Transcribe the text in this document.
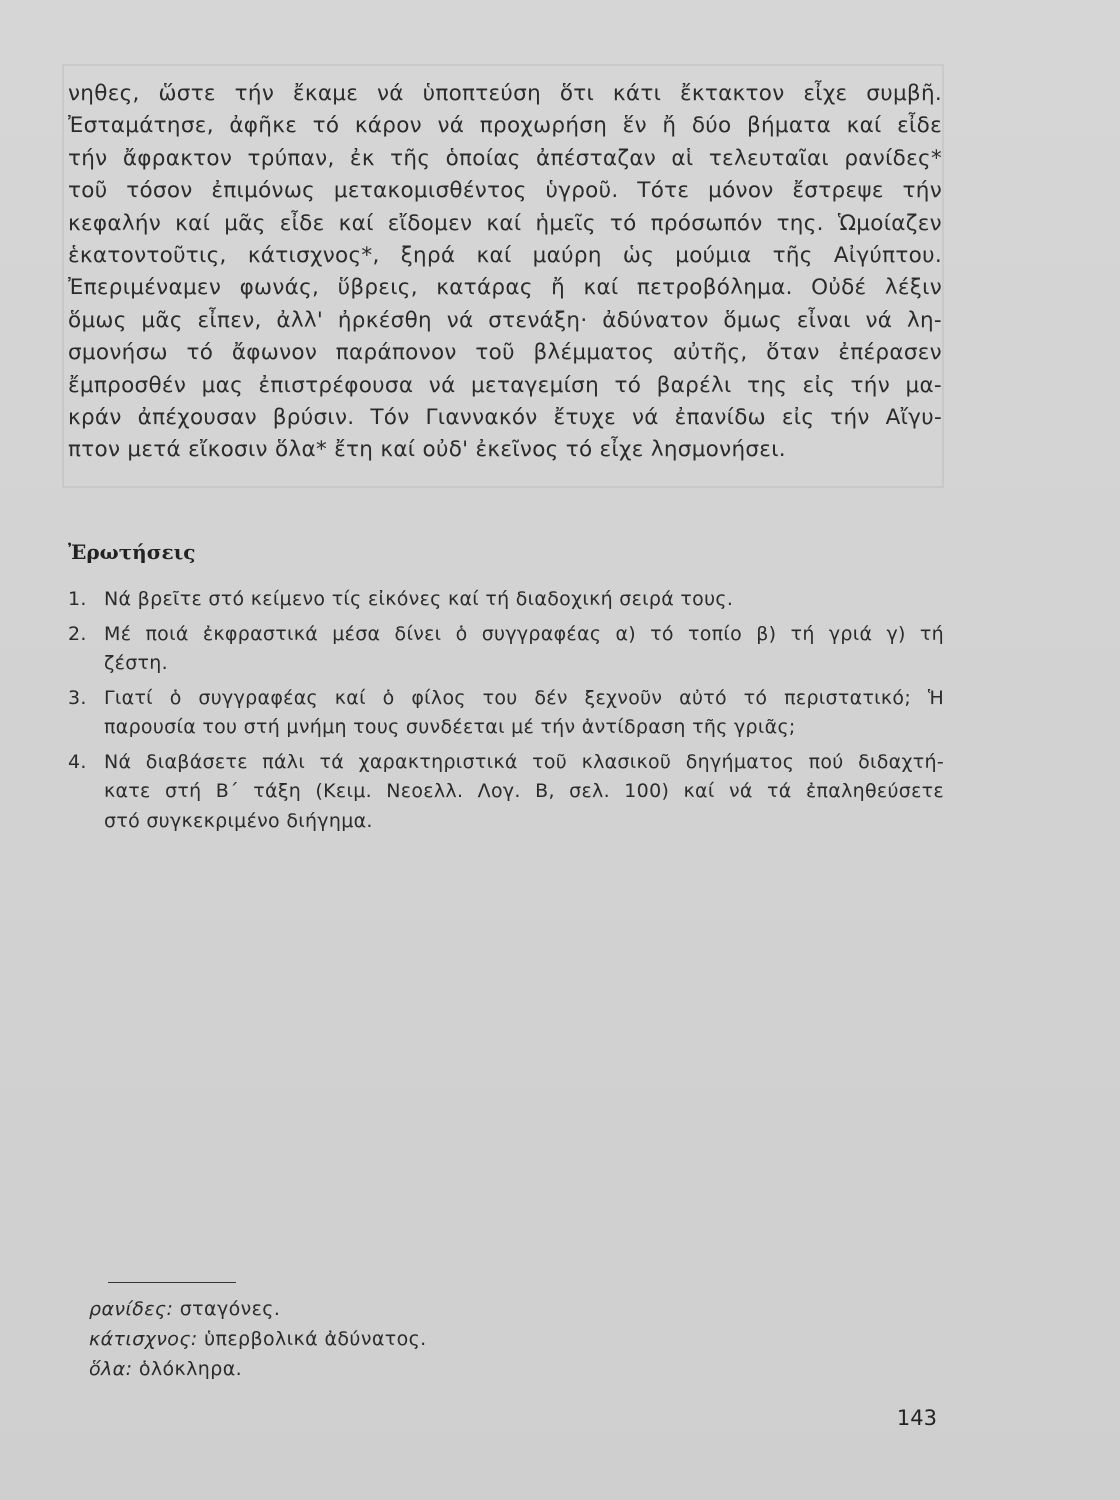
νηθες, ὥστε τήν ἔκαμε νά ὑποπτεύση ὅτι κάτι ἔκτακτον εἶχε συμβῆ.
Ἐσταμάτησε, ἀφῆκε τό κάρον νά προχωρήση ἕν ἤ δύο βήματα καί εἶδε
τήν ἄφρακτον τρύπαν, ἐκ τῆς ὁποίας ἀπέσταζαν αἱ τελευταῖαι ρανίδες*
τοῦ τόσον ἐπιμόνως μετακομισθέντος ὑγροῦ. Τότε μόνον ἔστρεψε τήν
κεφαλήν καί μᾶς εἶδε καί εἴδομεν καί ἡμεῖς τό πρόσωπόν της. Ὡμοίαζεν
ἑκατοντοῦτις, κάτισχνος*, ξηρά καί μαύρη ὡς μούμια τῆς Αἰγύπτου.
Ἐπεριμέναμεν φωνάς, ὕβρεις, κατάρας ἤ καί πετροβόλημα. Οὐδέ λέξιν
ὅμως μᾶς εἶπεν, ἀλλ' ἠρκέσθη νά στενάξη· ἀδύνατον ὅμως εἶναι νά λη-
σμονήσω τό ἄφωνον παράπονον τοῦ βλέμματος αὐτῆς, ὅταν ἐπέρασεν
ἔμπροσθέν μας ἐπιστρέφουσα νά μεταγεμίση τό βαρέλι της εἰς τήν μα-
κράν ἀπέχουσαν βρύσιν. Τόν Γιαννακόν ἔτυχε νά ἐπανίδω εἰς τήν Αἴγυ-
πτον μετά εἴκοσιν ὅλα* ἔτη καί οὐδ' ἐκεῖνος τό εἶχε λησμονήσει.

Ἐρωτήσεις
1. Νά βρεῖτε στό κείμενο τίς εἰκόνες καί τή διαδοχική σειρά τους.
2. Μέ ποιά ἐκφραστικά μέσα δίνει ὁ συγγραφέας α) τό τοπίο β) τή γριά γ) τή
ζέστη.
3. Γιατί ὁ συγγραφέας καί ὁ φίλος του δέν ξεχνοῦν αὐτό τό περιστατικό; Ἡ
παρουσία του στή μνήμη τους συνδέεται μέ τήν ἀντίδραση τῆς γριᾶς;
4. Νά διαβάσετε πάλι τά χαρακτηριστικά τοῦ κλασικοῦ δηγήματος πού διδαχτή-
κατε στή Β΄ τάξη (Κειμ. Νεοελλ. Λογ. Β, σελ. 100) καί νά τά ἐπαληθεύσετε
στό συγκεκριμένο διήγημα.
ρανίδες: σταγόνες.
κάτισχνος: ὑπερβολικά ἀδύνατος.
ὅλα: ὁλόκληρα.
143
